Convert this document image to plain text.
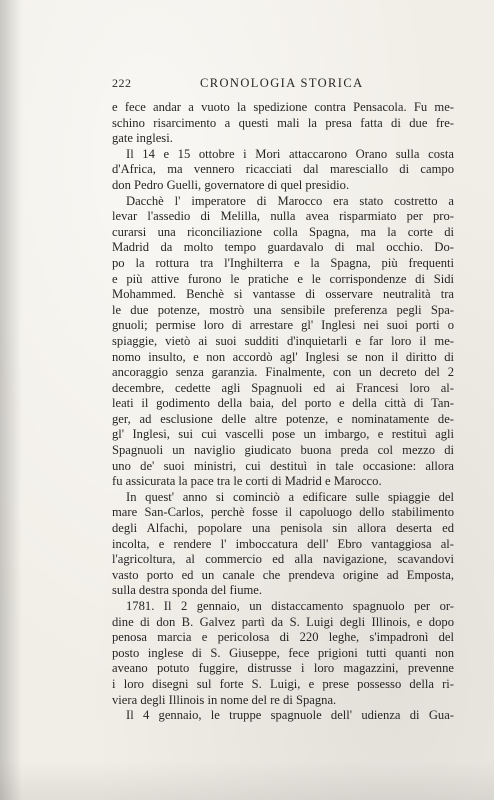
222	CRONOLOGIA STORICA
e fece andar a vuoto la spedizione contra Pensacola. Fu me-
schino risarcimento a questi mali la presa fatta di due fre-
gate inglesi.
Il 14 e 15 ottobre i Mori attaccarono Orano sulla costa
d'Africa, ma vennero ricacciati dal maresciallo di campo
don Pedro Guelli, governatore di quel presidio.
Dacchè l' imperatore di Marocco era stato costretto a
levar l'assedio di Melilla, nulla avea risparmiato per pro-
curarsi una riconciliazione colla Spagna, ma la corte di
Madrid da molto tempo guardavalo di mal occhio. Do-
po la rottura tra l'Inghilterra e la Spagna, più frequenti
e più attive furono le pratiche e le corrispondenze di Sidi
Mohammed. Benchè si vantasse di osservare neutralità tra
le due potenze, mostrò una sensibile preferenza pegli Spa-
gnuoli; permise loro di arrestare gl' Inglesi nei suoi porti o
spiaggie, vietò ai suoi sudditi d'inquietarli e far loro il me-
nomo insulto, e non accordò agl' Inglesi se non il diritto di
ancoraggio senza garanzia. Finalmente, con un decreto del 2
decembre, cedette agli Spagnuoli ed ai Francesi loro al-
leati il godimento della baia, del porto e della città di Tan-
ger, ad esclusione delle altre potenze, e nominatamente de-
gl' Inglesi, sui cui vascelli pose un imbargo, e restituì agli
Spagnuoli un naviglio giudicato buona preda col mezzo di
uno de' suoi ministri, cui destituì in tale occasione: allora
fu assicurata la pace tra le corti di Madrid e Marocco.
In quest' anno si cominciò a edificare sulle spiaggie del
mare San-Carlos, perchè fosse il capoluogo dello stabilimento
degli Alfachi, popolare una penisola sin allora deserta ed
incolta, e rendere l' imboccatura dell' Ebro vantaggiosa al-
l'agricoltura, al commercio ed alla navigazione, scavandovi
vasto porto ed un canale che prendeva origine ad Emposta,
sulla destra sponda del fiume.
1781. Il 2 gennaio, un distaccamento spagnuolo per or-
dine di don B. Galvez partì da S. Luigi degli Illinois, e dopo
penosa marcia e pericolosa di 220 leghe, s'impadronì del
posto inglese di S. Giuseppe, fece prigioni tutti quanti non
aveano potuto fuggire, distrusse i loro magazzini, prevenne
i loro disegni sul forte S. Luigi, e prese possesso della ri-
viera degli Illinois in nome del re di Spagna.
Il 4 gennaio, le truppe spagnuole dell' udienza di Gua-
